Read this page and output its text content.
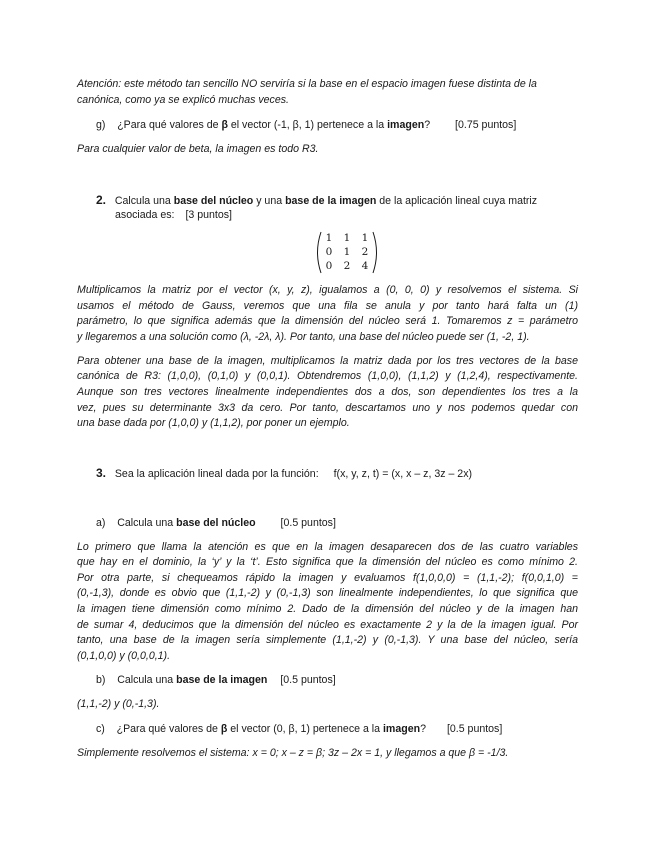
Atención: este método tan sencillo NO serviría si la base en el espacio imagen fuese distinta de la
canónica, como ya se explicó muchas veces.
g) ¿Para qué valores de β el vector (-1, β, 1) pertenece a la imagen? [0.75 puntos]
Para cualquier valor de beta, la imagen es todo R3.
2. Calcula una base del núcleo y una base de la imagen de la aplicación lineal cuya matriz
asociada es: [3 puntos]
1	1	1
0	1	2
0	2	4
Multiplicamos la matriz por el vector (x, y, z), igualamos a (0, 0, 0) y resolvemos el sistema. Si
usamos el método de Gauss, veremos que una fila se anula y por tanto hará falta un (1)
parámetro, lo que significa además que la dimensión del núcleo será 1. Tomaremos z = parámetro
y llegaremos a una solución como (λ, -2λ, λ). Por tanto, una base del núcleo puede ser (1, -2, 1).
Para obtener una base de la imagen, multiplicamos la matriz dada por los tres vectores de la base
canónica de R3: (1,0,0), (0,1,0) y (0,0,1). Obtendremos (1,0,0), (1,1,2) y (1,2,4), respectivamente.
Aunque son tres vectores linealmente independientes dos a dos, son dependientes los tres a la
vez, pues su determinante 3x3 da cero. Por tanto, descartamos uno y nos podemos quedar con
una base dada por (1,0,0) y (1,1,2), por poner un ejemplo.
3. Sea la aplicación lineal dada por la función: f(x, y, z, t) = (x, x – z, 3z – 2x)
a) Calcula una base del núcleo [0.5 puntos]
Lo primero que llama la atención es que en la imagen desaparecen dos de las cuatro variables
que hay en el dominio, la ‘y’ y la ‘t’. Esto significa que la dimensión del núcleo es como mínimo 2.
Por otra parte, si chequeamos rápido la imagen y evaluamos f(1,0,0,0) = (1,1,-2); f(0,0,1,0) =
(0,-1,3), donde es obvio que (1,1,-2) y (0,-1,3) son linealmente independientes, lo que significa que
la imagen tiene dimensión como mínimo 2. Dado de la dimensión del núcleo y de la imagen han
de sumar 4, deducimos que la dimensión del núcleo es exactamente 2 y la de la imagen igual. Por
tanto, una base de la imagen sería simplemente (1,1,-2) y (0,-1,3). Y una base del núcleo, sería
(0,1,0,0) y (0,0,0,1).
b) Calcula una base de la imagen [0.5 puntos]
(1,1,-2) y (0,-1,3).
c) ¿Para qué valores de β el vector (0, β, 1) pertenece a la imagen? [0.5 puntos]
Simplemente resolvemos el sistema: x = 0; x – z = β; 3z – 2x = 1, y llegamos a que β = -1/3.
